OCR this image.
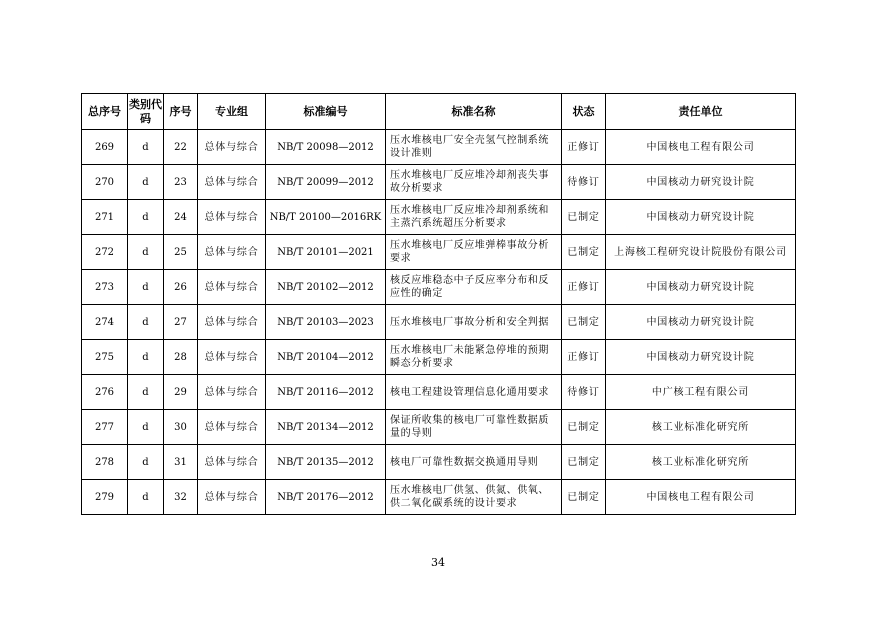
总序号	类别代码	序号	专业组	标准编号	标准名称	状态	责任单位
269	d	22	总体与综合	NB/T 20098—2012	压水堆核电厂安全壳氢气控制系统设计准则	正修订	中国核电工程有限公司
270	d	23	总体与综合	NB/T 20099—2012	压水堆核电厂反应堆冷却剂丧失事故分析要求	待修订	中国核动力研究设计院
271	d	24	总体与综合	NB/T 20100—2016RK	压水堆核电厂反应堆冷却剂系统和主蒸汽系统超压分析要求	已制定	中国核动力研究设计院
272	d	25	总体与综合	NB/T 20101—2021	压水堆核电厂反应堆弹棒事故分析要求	已制定	上海核工程研究设计院股份有限公司
273	d	26	总体与综合	NB/T 20102—2012	核反应堆稳态中子反应率分布和反应性的确定	正修订	中国核动力研究设计院
274	d	27	总体与综合	NB/T 20103—2023	压水堆核电厂事故分析和安全判据	已制定	中国核动力研究设计院
275	d	28	总体与综合	NB/T 20104—2012	压水堆核电厂未能紧急停堆的预期瞬态分析要求	正修订	中国核动力研究设计院
276	d	29	总体与综合	NB/T 20116—2012	核电工程建设管理信息化通用要求	待修订	中广核工程有限公司
277	d	30	总体与综合	NB/T 20134—2012	保证所收集的核电厂可靠性数据质量的导则	已制定	核工业标准化研究所
278	d	31	总体与综合	NB/T 20135—2012	核电厂可靠性数据交换通用导则	已制定	核工业标准化研究所
279	d	32	总体与综合	NB/T 20176—2012	压水堆核电厂供氢、供氮、供氧、供二氧化碳系统的设计要求	已制定	中国核电工程有限公司
34
